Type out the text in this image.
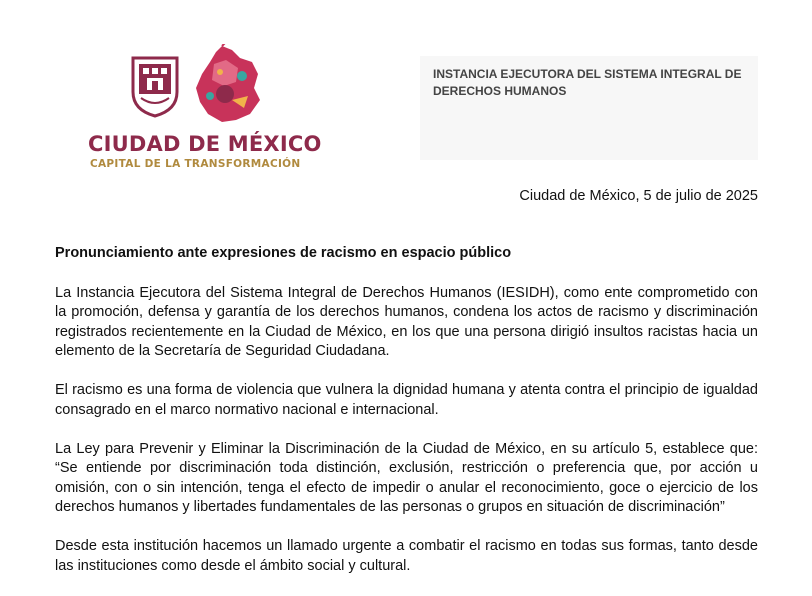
CIUDAD DE MÉXICO
CAPITAL DE LA TRANSFORMACIÓN
INSTANCIA EJECUTORA DEL SISTEMA INTEGRAL DE DERECHOS HUMANOS
Ciudad de México, 5 de julio de 2025
Pronunciamiento ante expresiones de racismo en espacio público

La Instancia Ejecutora del Sistema Integral de Derechos Humanos (IESIDH), como ente comprometido con la promoción, defensa y garantía de los derechos humanos, condena los actos de racismo y discriminación registrados recientemente en la Ciudad de México, en los que una persona dirigió insultos racistas hacia un elemento de la Secretaría de Seguridad Ciudadana.

El racismo es una forma de violencia que vulnera la dignidad humana y atenta contra el principio de igualdad consagrado en el marco normativo nacional e internacional.

La Ley para Prevenir y Eliminar la Discriminación de la Ciudad de México, en su artículo 5, establece que: “Se entiende por discriminación toda distinción, exclusión, restricción o preferencia que, por acción u omisión, con o sin intención, tenga el efecto de impedir o anular el reconocimiento, goce o ejercicio de los derechos humanos y libertades fundamentales de las personas o grupos en situación de discriminación”

Desde esta institución hacemos un llamado urgente a combatir el racismo en todas sus formas, tanto desde las instituciones como desde el ámbito social y cultural.
